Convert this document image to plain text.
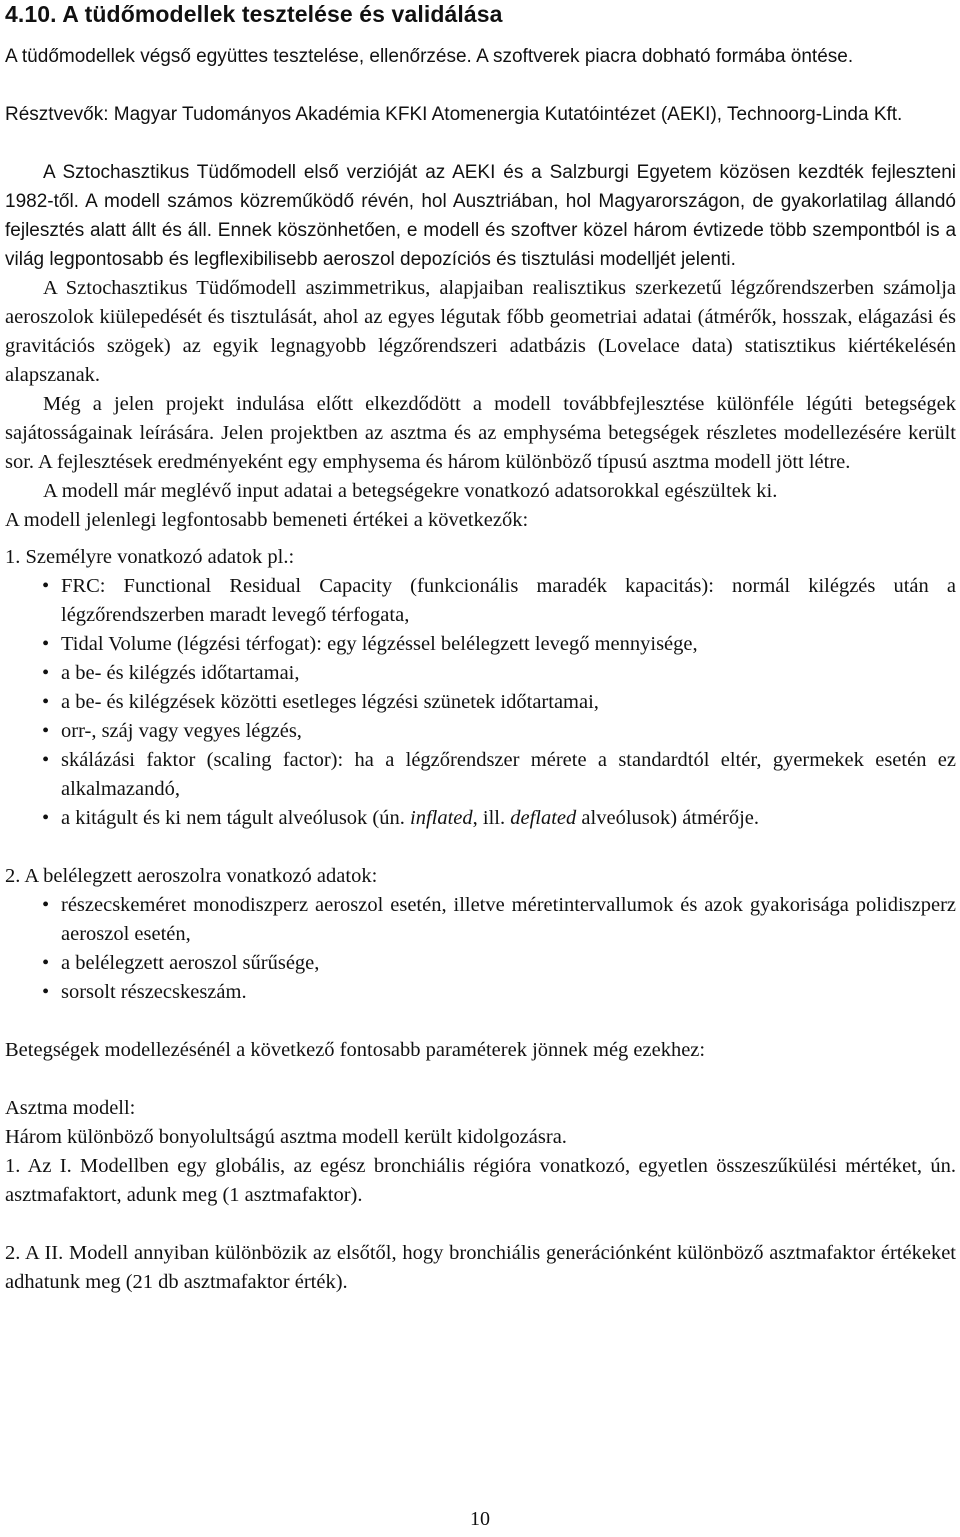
4.10. A tüdőmodellek tesztelése és validálása

A tüdőmodellek végső együttes tesztelése, ellenőrzése. A szoftverek piacra dobható formába öntése.

Résztvevők: Magyar Tudományos Akadémia KFKI Atomenergia Kutatóintézet (AEKI), Technoorg-Linda Kft.

A Sztochasztikus Tüdőmodell első verzióját az AEKI és a Salzburgi Egyetem közösen kezdték fejleszteni 1982-től. A modell számos közreműködő révén, hol Ausztriában, hol Magyarországon, de gyakorlatilag állandó fejlesztés alatt állt és áll. Ennek köszönhetően, e modell és szoftver közel három évtizede több szempontból is a világ legpontosabb és legflexibilisebb aeroszol depozíciós és tisztulási modelljét jelenti.

A Sztochasztikus Tüdőmodell aszimmetrikus, alapjaiban realisztikus szerkezetű légzőrendszerben számolja aeroszolok kiülepedését és tisztulását, ahol az egyes légutak főbb geometriai adatai (átmérők, hosszak, elágazási és gravitációs szögek) az egyik legnagyobb légzőrendszeri adatbázis (Lovelace data) statisztikus kiértékelésén alapszanak.

Még a jelen projekt indulása előtt elkezdődött a modell továbbfejlesztése különféle légúti betegségek sajátosságainak leírására. Jelen projektben az asztma és az emphyséma betegségek részletes modellezésére került sor. A fejlesztések eredményeként egy emphysema és három különböző típusú asztma modell jött létre.

A modell már meglévő input adatai a betegségekre vonatkozó adatsorokkal egészültek ki.

A modell jelenlegi legfontosabb bemeneti értékei a következők:

1. Személyre vonatkozó adatok pl.:

• FRC: Functional Residual Capacity (funkcionális maradék kapacitás): normál kilégzés után a légzőrendszerben maradt levegő térfogata,
• Tidal Volume (légzési térfogat): egy légzéssel belélegzett levegő mennyisége,
• a be- és kilégzés időtartamai,
• a be- és kilégzések közötti esetleges légzési szünetek időtartamai,
• orr-, száj vagy vegyes légzés,
• skálázási faktor (scaling factor): ha a légzőrendszer mérete a standardtól eltér, gyermekek esetén ez alkalmazandó,
• a kitágult és ki nem tágult alveólusok (ún. inflated, ill. deflated alveólusok) átmérője.

2. A belélegzett aeroszolra vonatkozó adatok:

• részecskeméret monodiszperz aeroszol esetén, illetve méretintervallumok és azok gyakorisága polidiszperz aeroszol esetén,
• a belélegzett aeroszol sűrűsége,
• sorsolt részecskeszám.

Betegségek modellezésénél a következő fontosabb paraméterek jönnek még ezekhez:

Asztma modell:

Három különböző bonyolultságú asztma modell került kidolgozásra.

1. Az I. Modellben egy globális, az egész bronchiális régióra vonatkozó, egyetlen összeszűkülési mértéket, ún. asztmafaktort, adunk meg (1 asztmafaktor).

2. A II. Modell annyiban különbözik az elsőtől, hogy bronchiális generációnként különböző asztmafaktor értékeket adhatunk meg (21 db asztmafaktor érték).

10
